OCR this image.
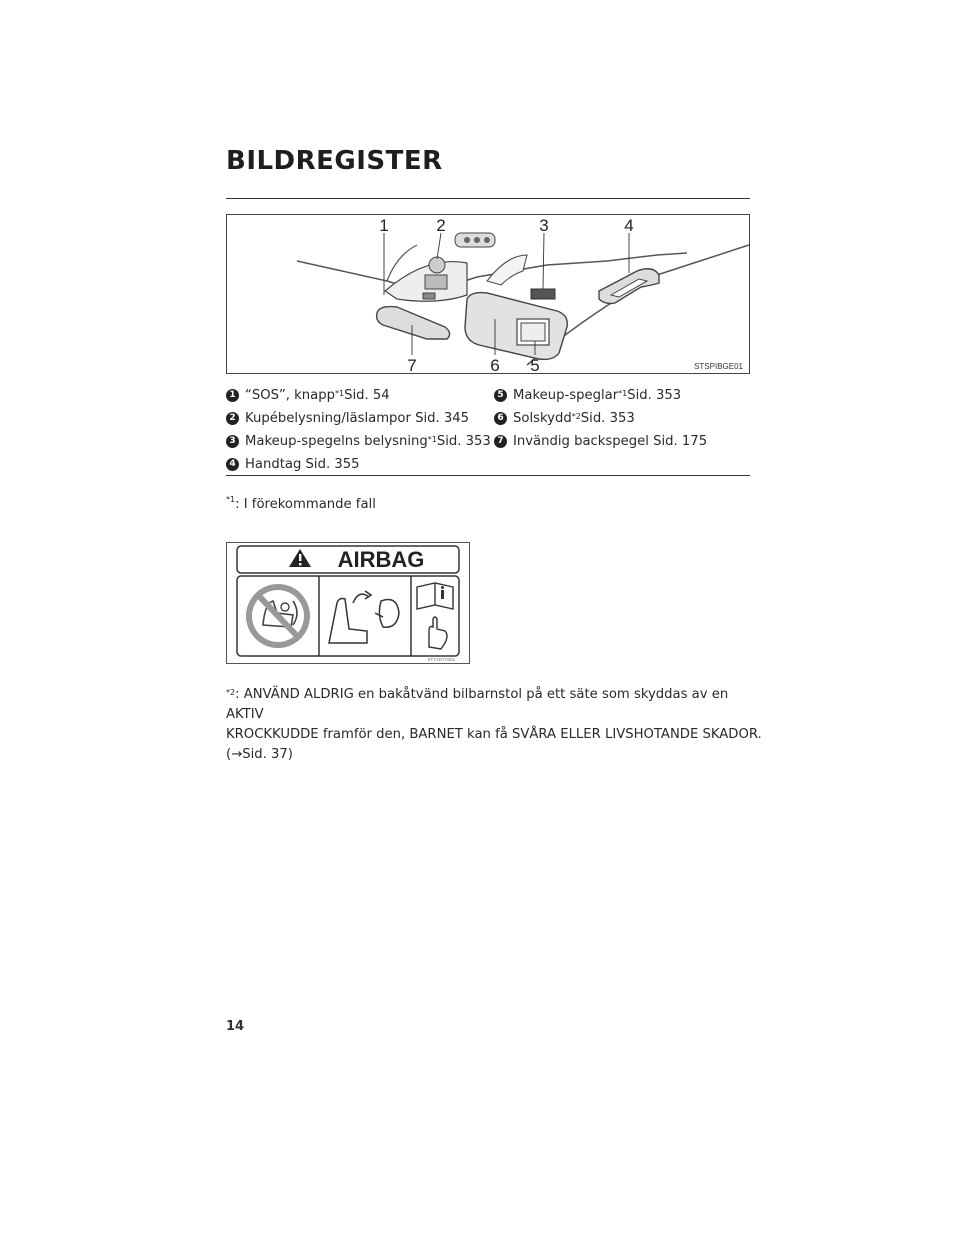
BILDREGISTER
1	2	3	4
7	6 5	STSPIBGE01
1 “SOS”, knapp$^{*1}$ Sid. 54
2 Kupébelysning/läslampor Sid. 345
3 Makeup-spegelns belysning$^{*1}$ Sid. 353
4 Handtag Sid. 355
5 Makeup-speglar$^{*1}$ Sid. 353
6 Solskydd$^{*2}$ Sid. 353
7 Invändig backspegel Sid. 175
$^{*1}$: I förekommande fall
AIRBAG
STY1D7Y001
$^{*2}$: ANVÄND ALDRIG en bakåtvänd bilbarnstol på ett säte som skyddas av en AKTIV
KROCKKUDDE framför den, BARNET kan få SVÅRA ELLER LIVSHOTANDE SKADOR. (→Sid. 37)
14
